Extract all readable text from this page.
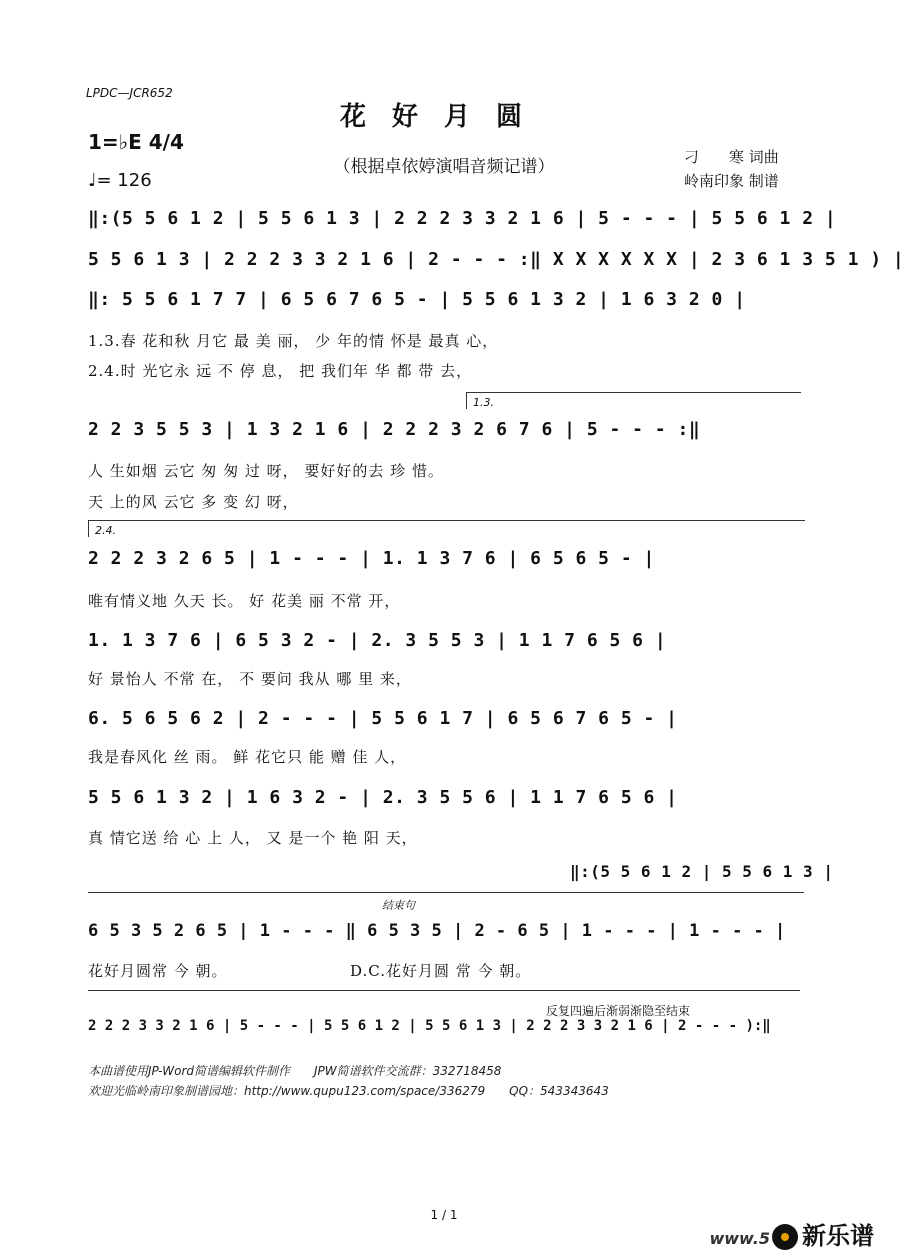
LPDC—JCR652
花好月圆
（根据卓依婷演唱音频记谱）
1=♭E 4/4
♩= 126
刁　　寒 词曲
岭南印象 制谱
‖:(5 5 6 1 2 | 5 5 6 1 3 | 2 2 2 3 3 2 1 6 | 5 - - - | 5 5 6 1 2 |
5 5 6 1 3 | 2 2 2 3 3 2 1 6 | 2 - - - :‖ X X X X X X | 2 3 6 1 3 5 1 ) |
‖: 5 5 6 1 7 7 | 6 5 6 7 6 5 - | 5 5 6 1 3 2 | 1 6 3 2 0 |
1.3.春 花和秋 月它 最 美 丽， 少 年的情 怀是 最真 心，
2.4.时 光它永 远 不 停 息， 把 我们年 华 都 带 去，
1.3.
2 2 3 5 5 3 | 1 3 2 1 6 | 2 2 2 3 2 6 7 6 | 5 - - - :‖
人 生如烟 云它 匆 匆 过 呀， 要好好的去 珍 惜。
天 上的风 云它 多 变 幻 呀，
2.4.
2 2 2 3 2 6 5 | 1 - - - | 1. 1 3 7 6 | 6 5 6 5 - |
唯有情义地 久天 长。 好 花美 丽 不常 开，
1. 1 3 7 6 | 6 5 3 2 - | 2. 3 5 5 3 | 1 1 7 6 5 6 |
好 景怡人 不常 在， 不 要问 我从 哪 里 来，
6. 5 6 5 6 2 | 2 - - - | 5 5 6 1 7 | 6 5 6 7 6 5 - |
我是春风化 丝 雨。 鲜 花它只 能 赠 佳 人，
5 5 6 1 3 2 | 1 6 3 2 - | 2. 3 5 5 6 | 1 1 7 6 5 6 |
真 情它送 给 心 上 人， 又 是一个 艳 阳 天，
‖:(5 5 6 1 2 | 5 5 6 1 3 |
结束句
6 5 3 5 2 6 5 | 1 - - - ‖ 6 5 3 5 | 2 - 6 5 | 1 - - - | 1 - - - |
花好月圆常 今 朝。	D.C.花好月圆 常 今 朝。
反复四遍后渐弱渐隐至结束
2 2 2 3 3 2 1 6 | 5 - - - | 5 5 6 1 2 | 5 5 6 1 3 | 2 2 2 3 3 2 1 6 | 2 - - - ):‖
本曲谱使用JP-Word简谱编辑软件制作　　JPW简谱软件交流群：332718458
欢迎光临岭南印象制谱园地：http://www.qupu123.com/space/336279　　QQ：543343643
1 / 1
www.5 新乐谱
